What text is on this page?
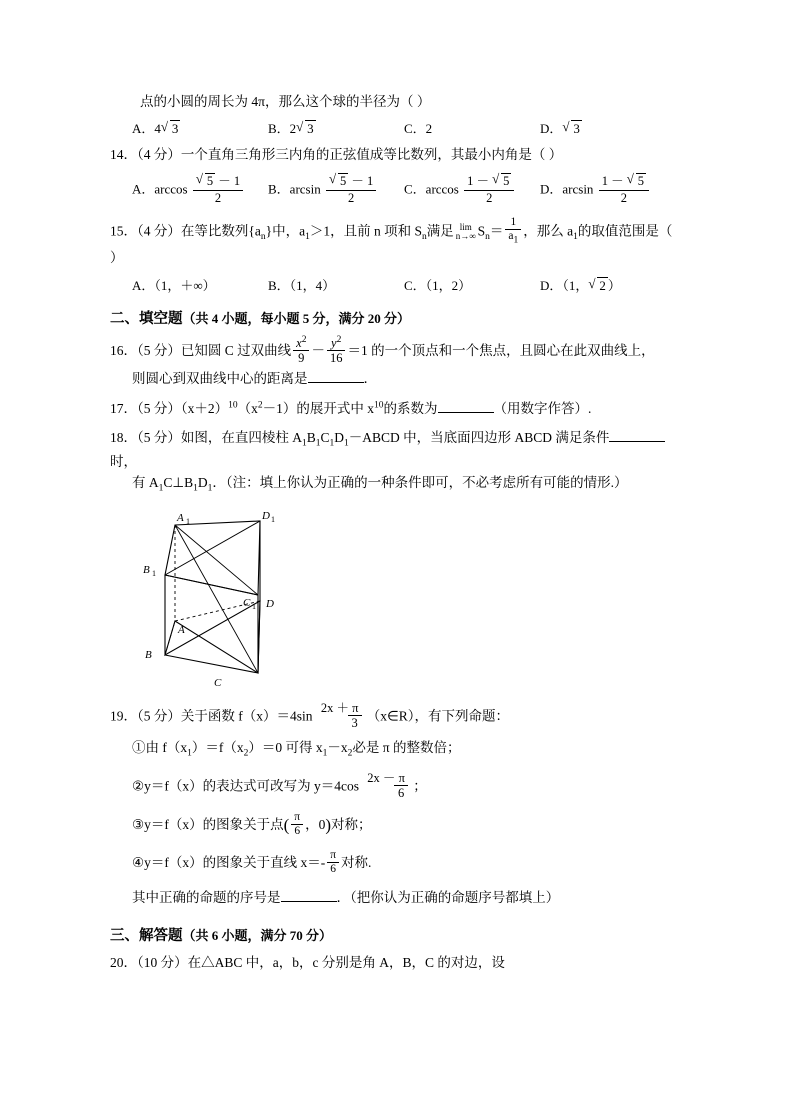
点的小圆的周长为 4π，那么这个球的半径为（ ）
A．4 √ 3	B．2 √ 3	C．2	D． √ 3
14．（4 分）一个直角三角形三内角的正弦值成等比数列，其最小内角是（ ）
A．arccos √ $\frac{5 - 1}{2}$ B．arcsin √ $\frac{5 - 1}{2}$ C．$\arccos \frac{1 - √ 5}{2}$ D．$\arcsin \frac{1 - √ 5}{2}$
15．（4 分）在等比数列$\{a_n\}$中，$a_1>1$，且前 n 项和 $S_n$满足 lim
n→∞ $S_n= \frac{1}{a_1}$ ，那么 $a_1$的取值范围是（ ）
A．（1，＋∞）	B．（1，4）	C．（1，2）	D．（1， √ 2 ）
二、填空题（共 4 小题，每小题 5 分，满分 20 分）
16．（5 分）已知圆 C 过双曲线 $\frac{x^2}{9} - \frac{y^2}{16} =1$ 的一个顶点和一个焦点，且圆心在此双曲线上，
则圆心到双曲线中心的距离是	．
17．（5 分）$(x+2)^{10}(x^2-1)$的展开式中 $x^{10}$的系数为	（用数字作答）.
18．（5 分）如图，在直四棱柱 $A_1B_1C_1D_1-ABCD$ 中，当底面四边形 ABCD 满足条件时，
有 $A_1C\perp B_1D_1$．（注：填上你认为正确的一种条件即可，不必考虑所有可能的情形.）
A 1	D 1
B 1
C 1 D
A
B
C
19．（5 分）关于函数 f（x）＝4sin
2x ＋ π
3
（x∈R），有下列命题：
①由 $f(x_1)=f(x_2)=0$ 可得 $x_1-x_2$必是 π 的整数倍；
②y＝f（x）的表达式可改写为 y＝4cos
2x － π
6
；
③y＝f（x）的图象关于点( $\frac{\pi}{6}$ ，0)对称；
④y＝f（x）的图象关于直线 $x=- \frac{\pi}{6}$ 对称.
其中正确的命题的序号是	．（把你认为正确的命题序号都填上）
三、解答题（共 6 小题，满分 70 分）
20．（10 分）在△ABC 中，a，b，c 分别是角 A，B，C 的对边，设
